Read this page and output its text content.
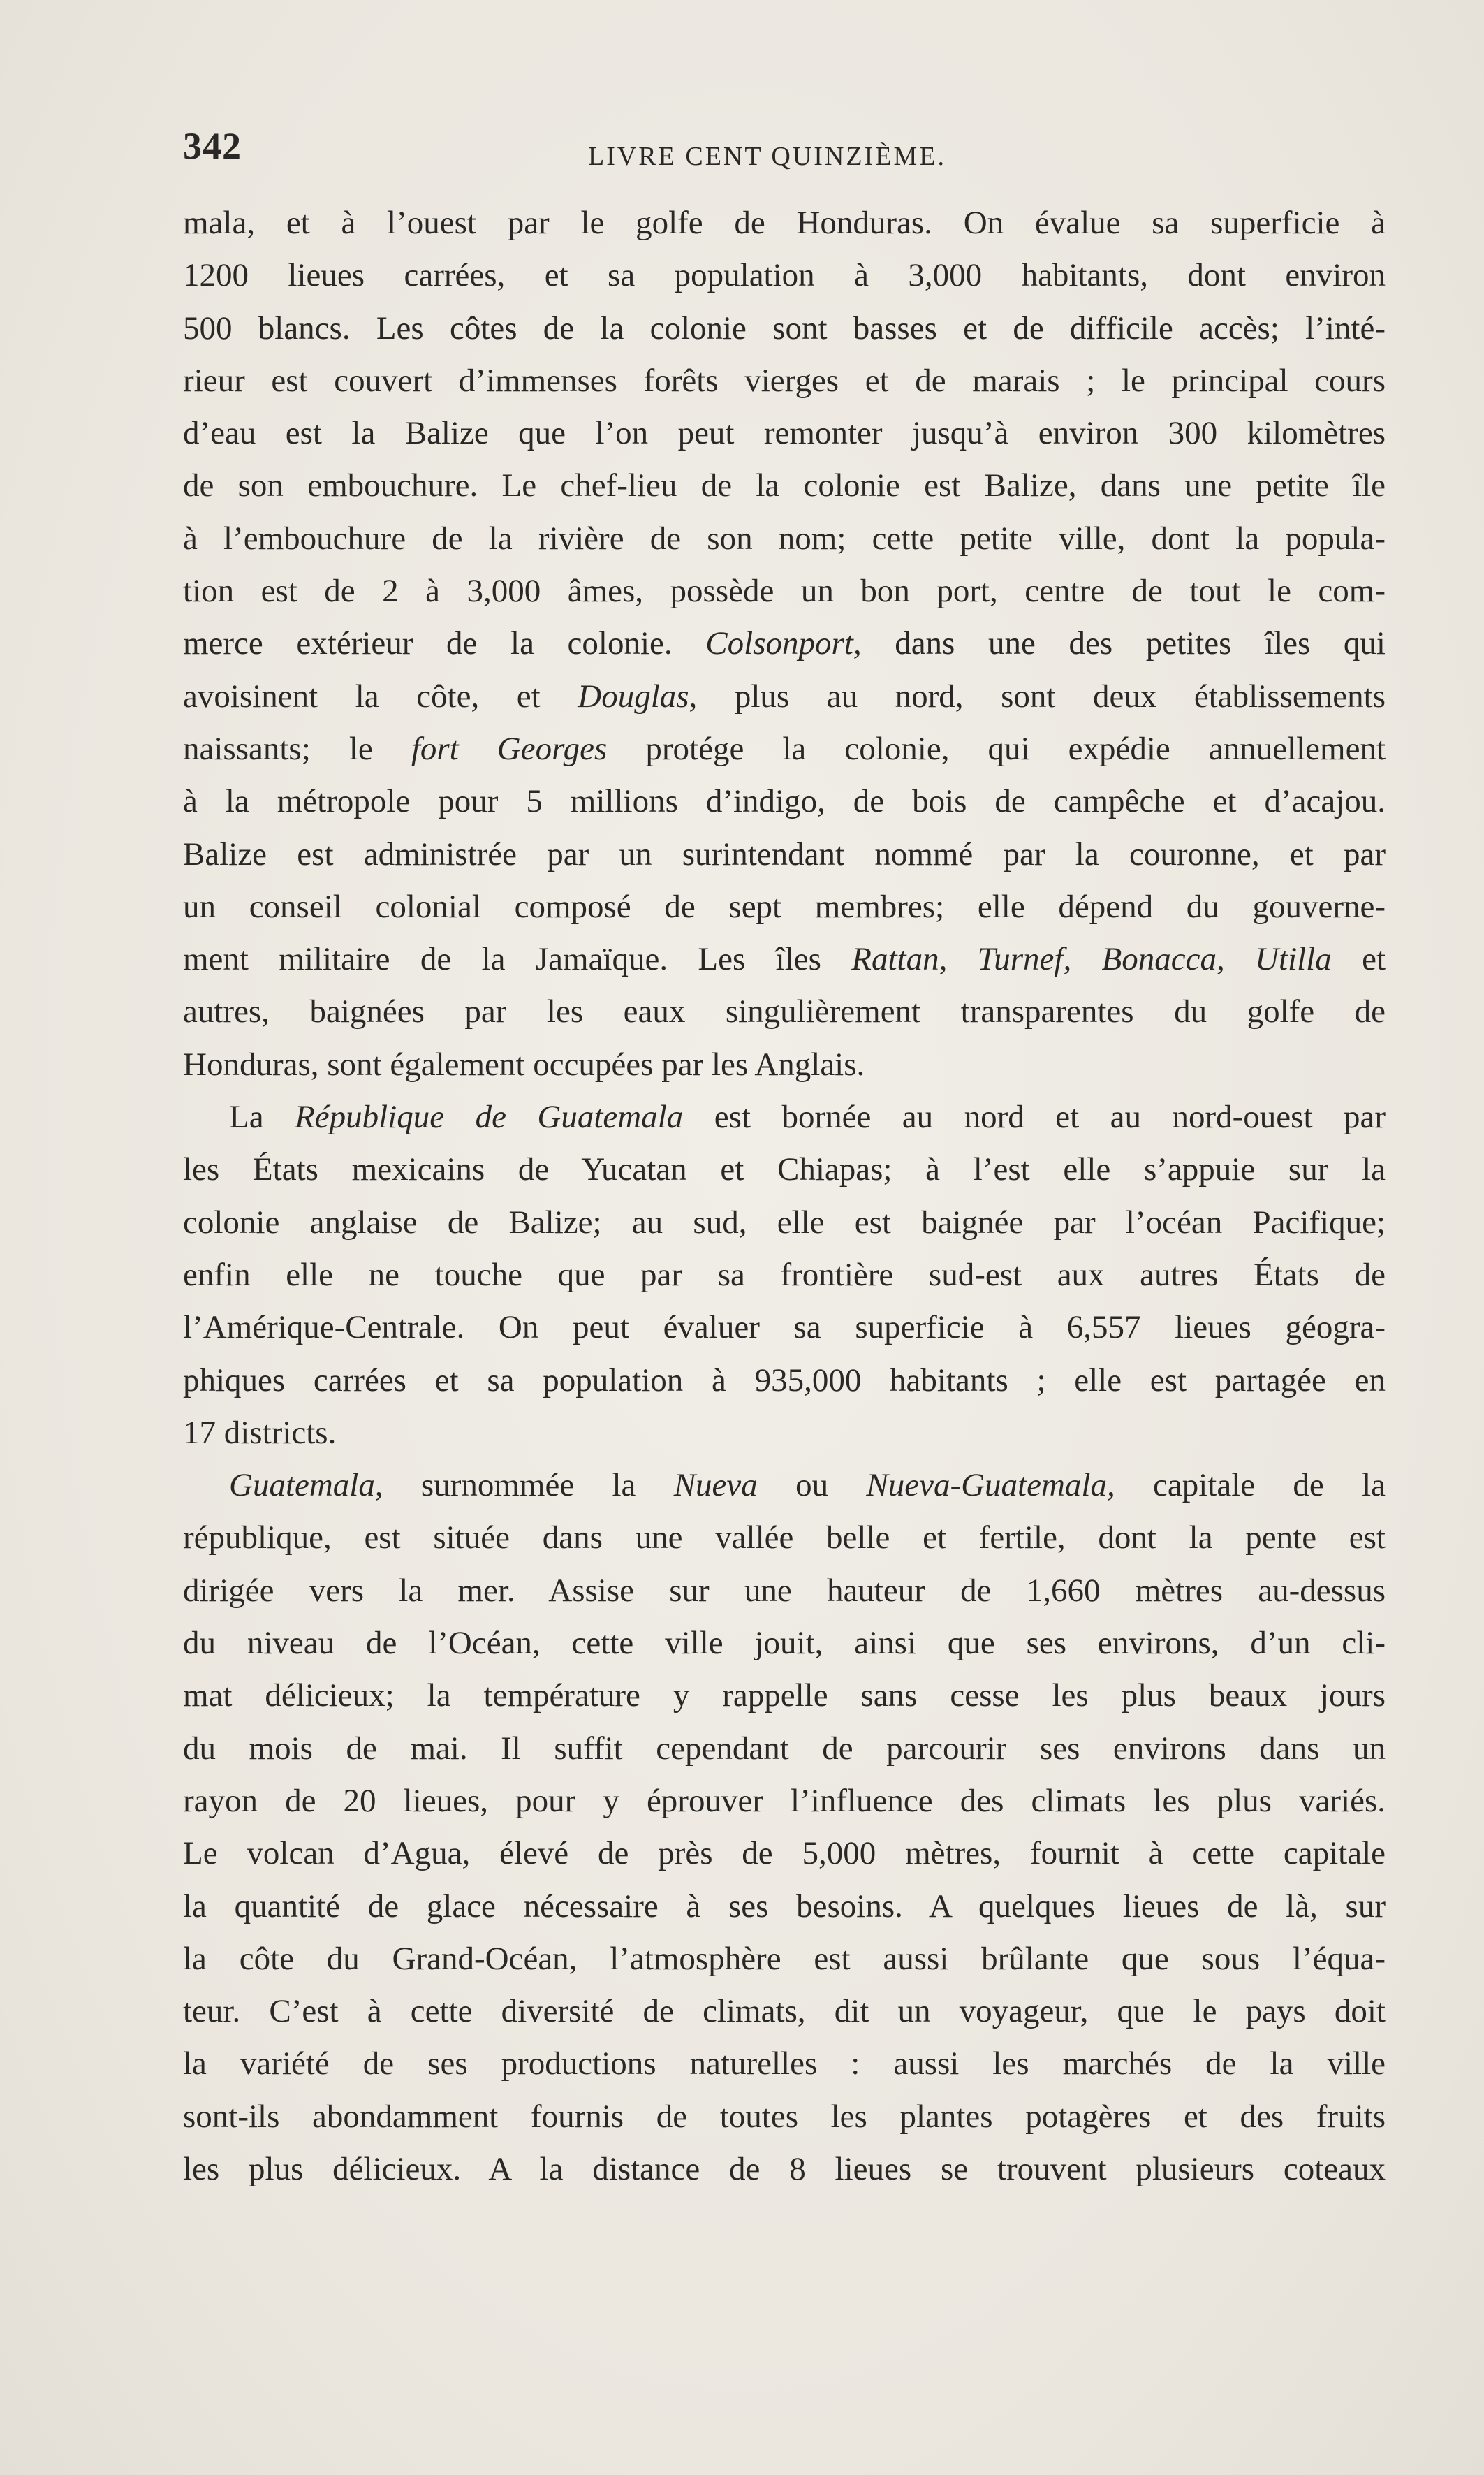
342	LIVRE CENT QUINZIÈME.
mala, et à l’ouest par le golfe de Honduras. On évalue sa superficie à
1200 lieues carrées, et sa population à 3,000 habitants, dont environ
500 blancs. Les côtes de la colonie sont basses et de difficile accès; l’inté-
rieur est couvert d’immenses forêts vierges et de marais ; le principal cours
d’eau est la Balize que l’on peut remonter jusqu’à environ 300 kilomètres
de son embouchure. Le chef-lieu de la colonie est Balize, dans une petite île
à l’embouchure de la rivière de son nom; cette petite ville, dont la popula-
tion est de 2 à 3,000 âmes, possède un bon port, centre de tout le com-
merce extérieur de la colonie. Colsonport, dans une des petites îles qui
avoisinent la côte, et Douglas, plus au nord, sont deux établissements
naissants; le fort Georges protége la colonie, qui expédie annuellement
à la métropole pour 5 millions d’indigo, de bois de campêche et d’acajou.
Balize est administrée par un surintendant nommé par la couronne, et par
un conseil colonial composé de sept membres; elle dépend du gouverne-
ment militaire de la Jamaïque. Les îles Rattan, Turnef, Bonacca, Utilla et
autres, baignées par les eaux singulièrement transparentes du golfe de
Honduras, sont également occupées par les Anglais.
La République de Guatemala est bornée au nord et au nord-ouest par
les États mexicains de Yucatan et Chiapas; à l’est elle s’appuie sur la
colonie anglaise de Balize; au sud, elle est baignée par l’océan Pacifique;
enfin elle ne touche que par sa frontière sud-est aux autres États de
l’Amérique-Centrale. On peut évaluer sa superficie à 6,557 lieues géogra-
phiques carrées et sa population à 935,000 habitants ; elle est partagée en
17 districts.
Guatemala, surnommée la Nueva ou Nueva-Guatemala, capitale de la
république, est située dans une vallée belle et fertile, dont la pente est
dirigée vers la mer. Assise sur une hauteur de 1,660 mètres au-dessus
du niveau de l’Océan, cette ville jouit, ainsi que ses environs, d’un cli-
mat délicieux; la température y rappelle sans cesse les plus beaux jours
du mois de mai. Il suffit cependant de parcourir ses environs dans un
rayon de 20 lieues, pour y éprouver l’influence des climats les plus variés.
Le volcan d’Agua, élevé de près de 5,000 mètres, fournit à cette capitale
la quantité de glace nécessaire à ses besoins. A quelques lieues de là, sur
la côte du Grand-Océan, l’atmosphère est aussi brûlante que sous l’équa-
teur. C’est à cette diversité de climats, dit un voyageur, que le pays doit
la variété de ses productions naturelles : aussi les marchés de la ville
sont-ils abondamment fournis de toutes les plantes potagères et des fruits
les plus délicieux. A la distance de 8 lieues se trouvent plusieurs coteaux
